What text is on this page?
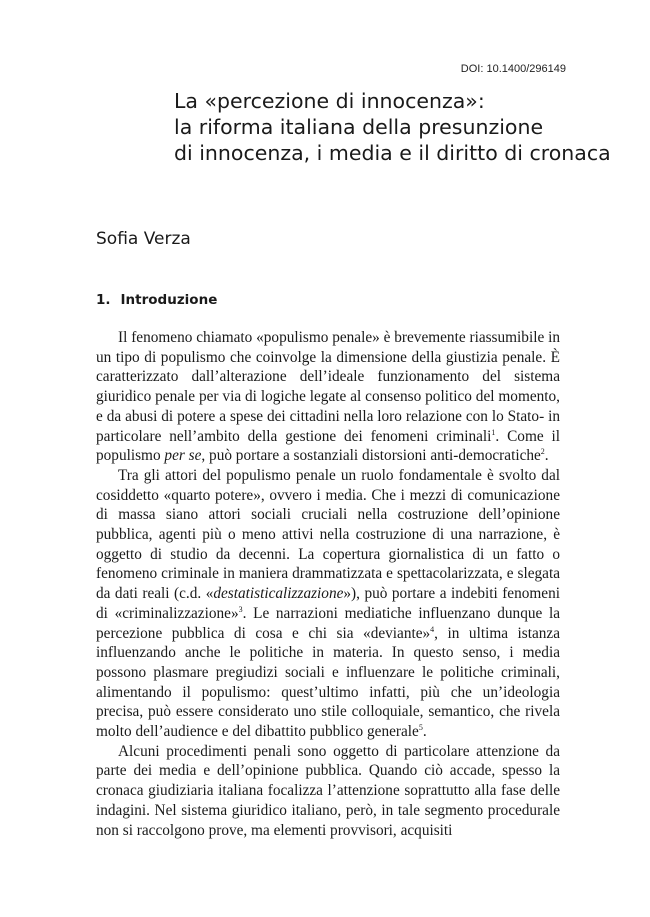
DOI: 10.1400/296149
La «percezione di innocenza»:
la riforma italiana della presunzione
di innocenza, i media e il diritto di cronaca
Sofia Verza
1. Introduzione

Il fenomeno chiamato «populismo penale» è brevemente riassumibile in un tipo di populismo che coinvolge la dimensione della giustizia penale. È caratterizzato dall’alterazione dell’ideale funzionamento del sistema giuridico penale per via di logiche legate al consenso politico del momento, e da abusi di potere a spese dei cittadini nella loro relazione con lo Stato- in particolare nell’ambito della gestione dei fenomeni criminali$^1$. Come il populismo per se, può portare a sostanziali distorsioni anti-democratiche$^2$.

Tra gli attori del populismo penale un ruolo fondamentale è svolto dal cosiddetto «quarto potere», ovvero i media. Che i mezzi di comunicazione di massa siano attori sociali cruciali nella costruzione dell’opinione pubblica, agenti più o meno attivi nella costruzione di una narrazione, è oggetto di studio da decenni. La copertura giornalistica di un fatto o fenomeno criminale in maniera drammatizzata e spettacolarizzata, e slegata da dati reali (c.d. «destatisticalizzazione»), può portare a indebiti fenomeni di «criminalizzazione»$^3$. Le narrazioni mediatiche influenzano dunque la percezione pubblica di cosa e chi sia «deviante»$^4$, in ultima istanza influenzando anche le politiche in materia. In questo senso, i media possono plasmare pregiudizi sociali e influenzare le politiche criminali, alimentando il populismo: quest’ultimo infatti, più che un’ideologia precisa, può essere considerato uno stile colloquiale, semantico, che rivela molto dell’audience e del dibattito pubblico generale$^5$.

Alcuni procedimenti penali sono oggetto di particolare attenzione da parte dei media e dell’opinione pubblica. Quando ciò accade, spesso la cronaca giudiziaria italiana focalizza l’attenzione soprattutto alla fase delle indagini. Nel sistema giuridico italiano, però, in tale segmento procedurale non si raccolgono prove, ma elementi provvisori, acquisiti
